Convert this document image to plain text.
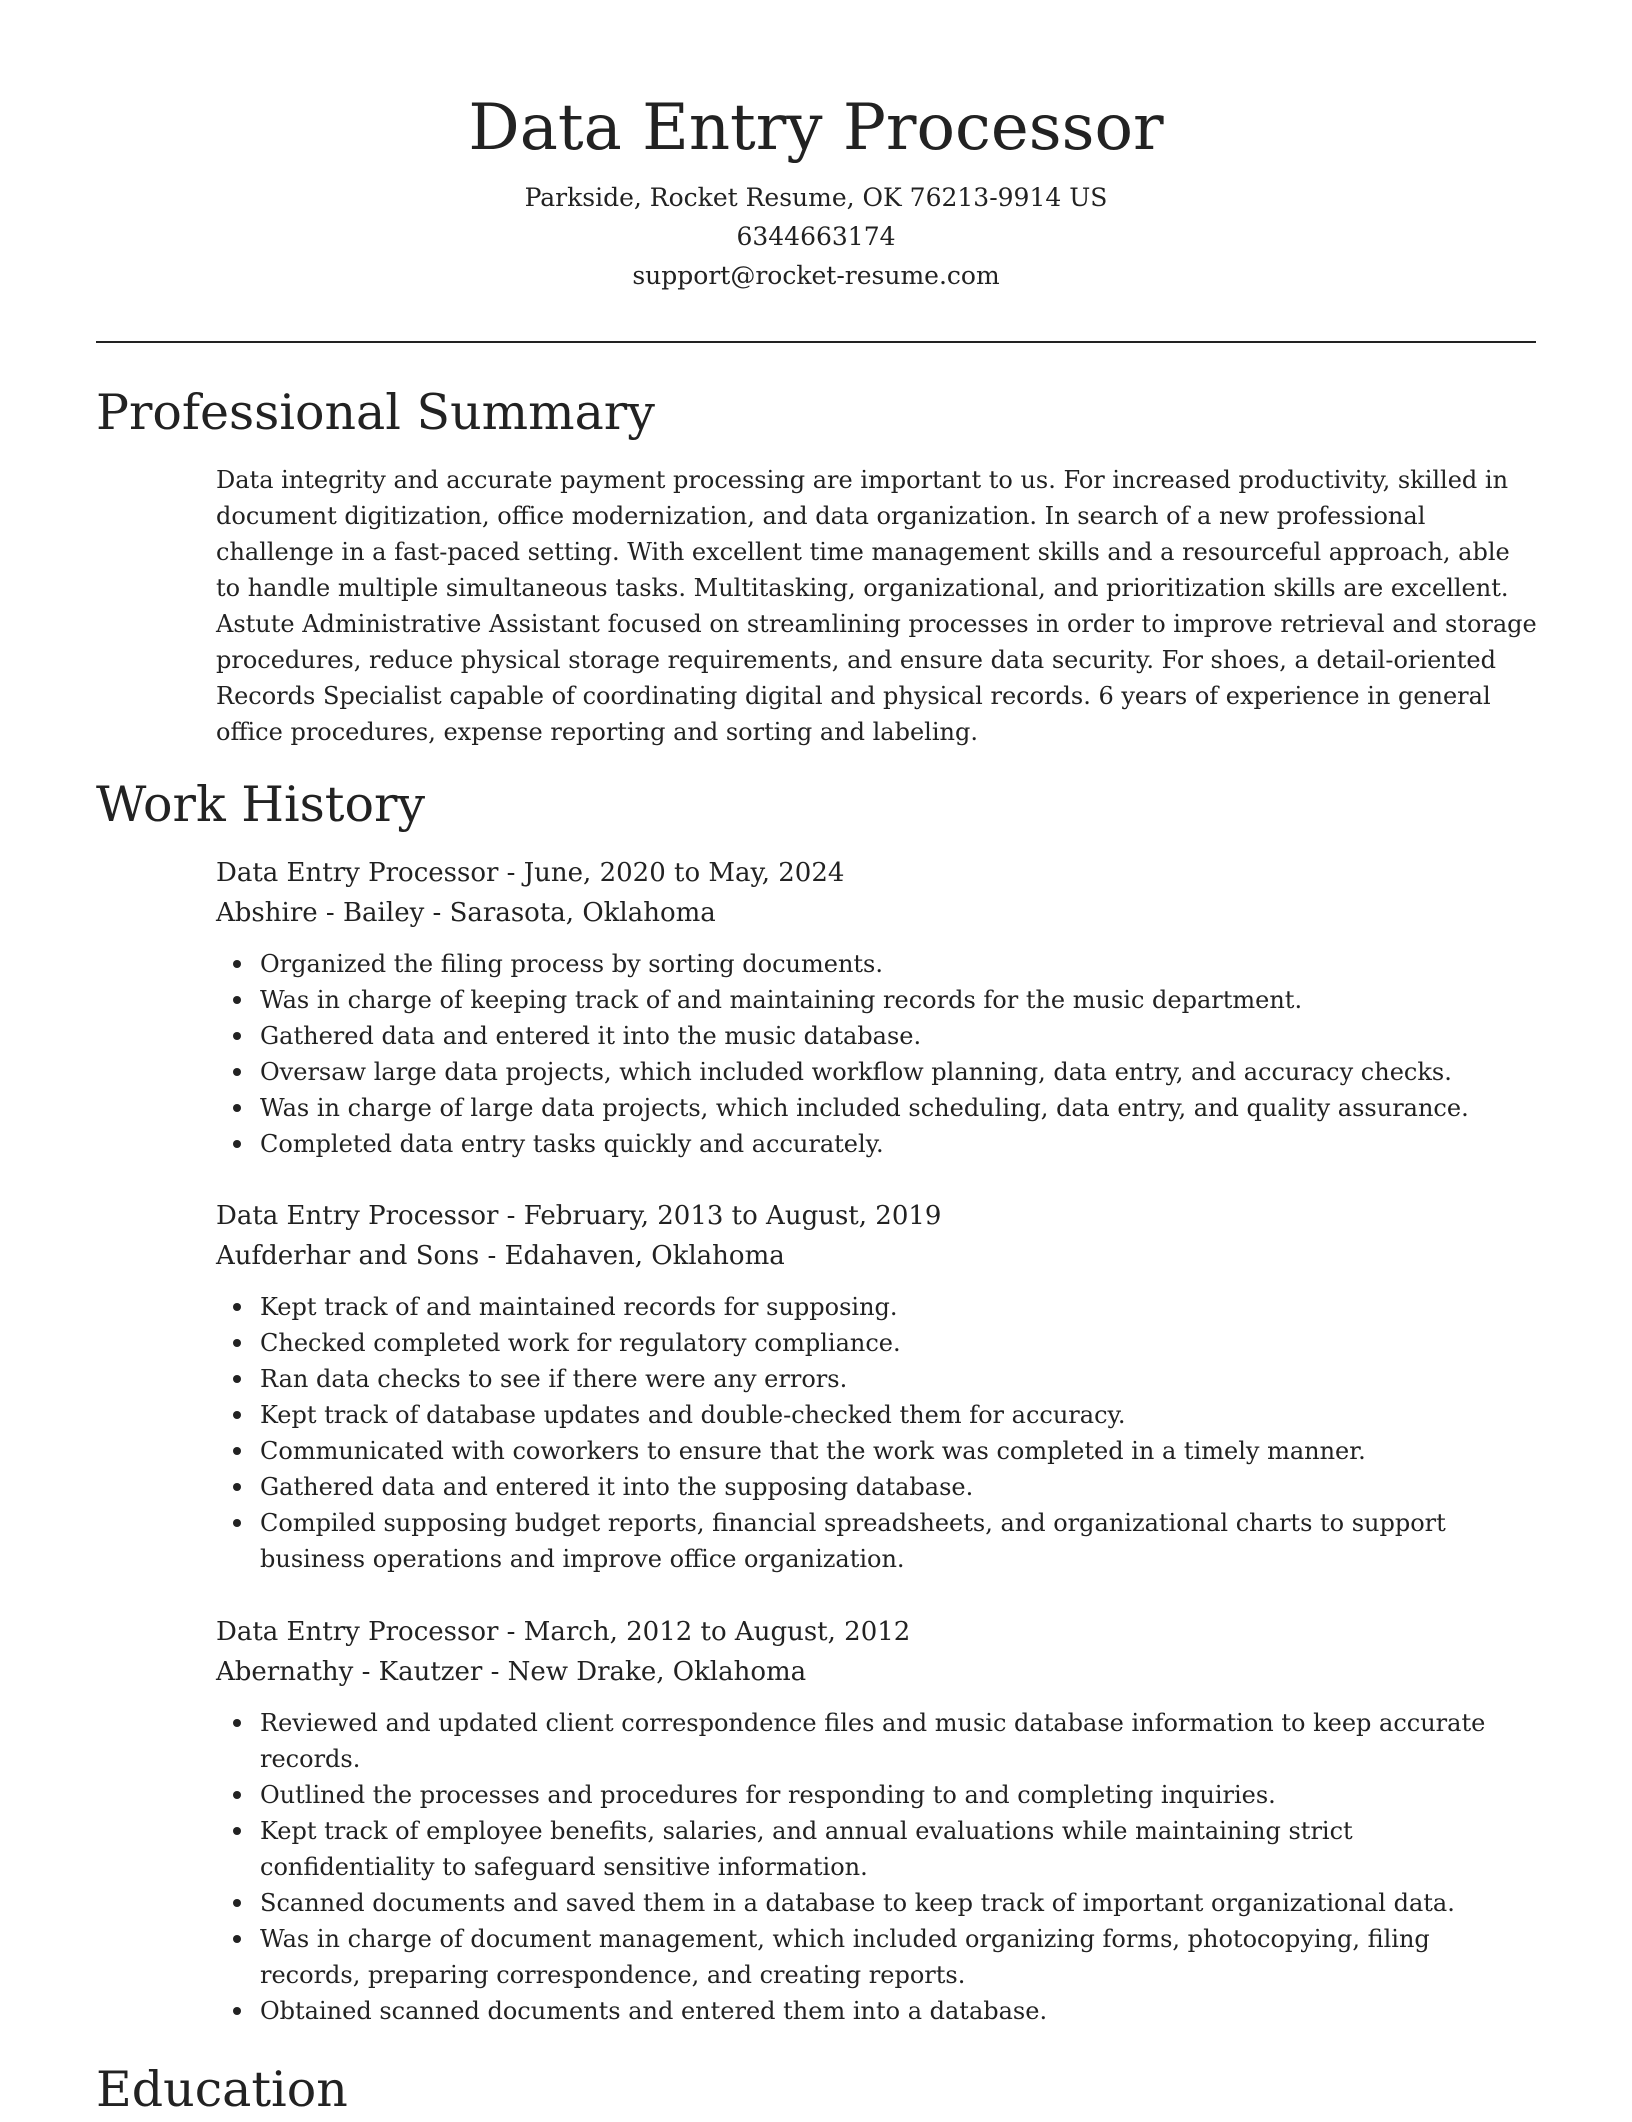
Data Entry Processor
Parkside, Rocket Resume, OK 76213-9914 US
6344663174
support@rocket-resume.com
Professional Summary

Data integrity and accurate payment processing are important to us. For increased productivity, skilled in document digitization, office modernization, and data organization. In search of a new professional challenge in a fast-paced setting. With excellent time management skills and a resourceful approach, able to handle multiple simultaneous tasks. Multitasking, organizational, and prioritization skills are excellent. Astute Administrative Assistant focused on streamlining processes in order to improve retrieval and storage procedures, reduce physical storage requirements, and ensure data security. For shoes, a detail-oriented Records Specialist capable of coordinating digital and physical records. 6 years of experience in general office procedures, expense reporting and sorting and labeling.

Work History
Data Entry Processor - June, 2020 to May, 2024
Abshire - Bailey - Sarasota, Oklahoma
Organized the filing process by sorting documents.
Was in charge of keeping track of and maintaining records for the music department.
Gathered data and entered it into the music database.
Oversaw large data projects, which included workflow planning, data entry, and accuracy checks.
Was in charge of large data projects, which included scheduling, data entry, and quality assurance.
Completed data entry tasks quickly and accurately.
Data Entry Processor - February, 2013 to August, 2019
Aufderhar and Sons - Edahaven, Oklahoma
Kept track of and maintained records for supposing.
Checked completed work for regulatory compliance.
Ran data checks to see if there were any errors.
Kept track of database updates and double-checked them for accuracy.
Communicated with coworkers to ensure that the work was completed in a timely manner.
Gathered data and entered it into the supposing database.
Compiled supposing budget reports, financial spreadsheets, and organizational charts to support business operations and improve office organization.
Data Entry Processor - March, 2012 to August, 2012
Abernathy - Kautzer - New Drake, Oklahoma
Reviewed and updated client correspondence files and music database information to keep accurate records.
Outlined the processes and procedures for responding to and completing inquiries.
Kept track of employee benefits, salaries, and annual evaluations while maintaining strict confidentiality to safeguard sensitive information.
Scanned documents and saved them in a database to keep track of important organizational data.
Was in charge of document management, which included organizing forms, photocopying, filing records, preparing correspondence, and creating reports.
Obtained scanned documents and entered them into a database.
Education
